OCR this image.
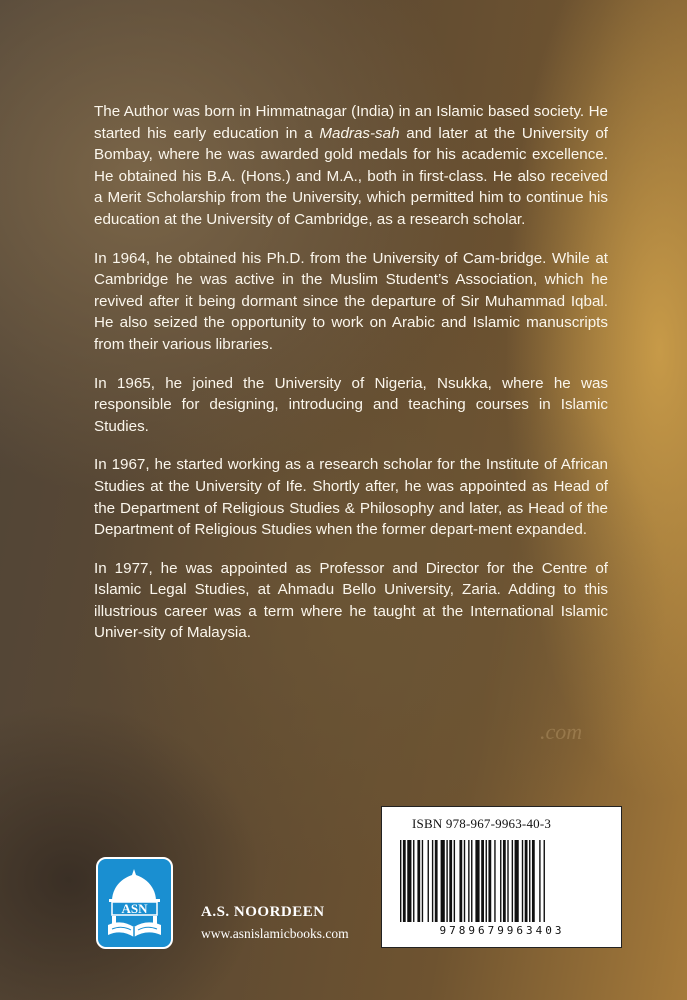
The Author was born in Himmatnagar (India) in an Islamic based society. He started his early education in a Madras-sah and later at the University of Bombay, where he was awarded gold medals for his academic excellence. He obtained his B.A. (Hons.) and M.A., both in first-class. He also received a Merit Scholarship from the University, which permitted him to continue his education at the University of Cambridge, as a research scholar.

In 1964, he obtained his Ph.D. from the University of Cam-bridge. While at Cambridge he was active in the Muslim Student’s Association, which he revived after it being dormant since the departure of Sir Muhammad Iqbal. He also seized the opportunity to work on Arabic and Islamic manuscripts from their various libraries.

In 1965, he joined the University of Nigeria, Nsukka, where he was responsible for designing, introducing and teaching courses in Islamic Studies.

In 1967, he started working as a research scholar for the Institute of African Studies at the University of Ife. Shortly after, he was appointed as Head of the Department of Religious Studies & Philosophy and later, as Head of the Department of Religious Studies when the former depart-ment expanded.

In 1977, he was appointed as Professor and Director for the Centre of Islamic Legal Studies, at Ahmadu Bello University, Zaria. Adding to this illustrious career was a term where he taught at the International Islamic Univer-sity of Malaysia.

.com
ASN	A.S. NOORDEEN
www.asnislamicbooks.com
ISBN 978-967-9963-40-3
9789679963403
